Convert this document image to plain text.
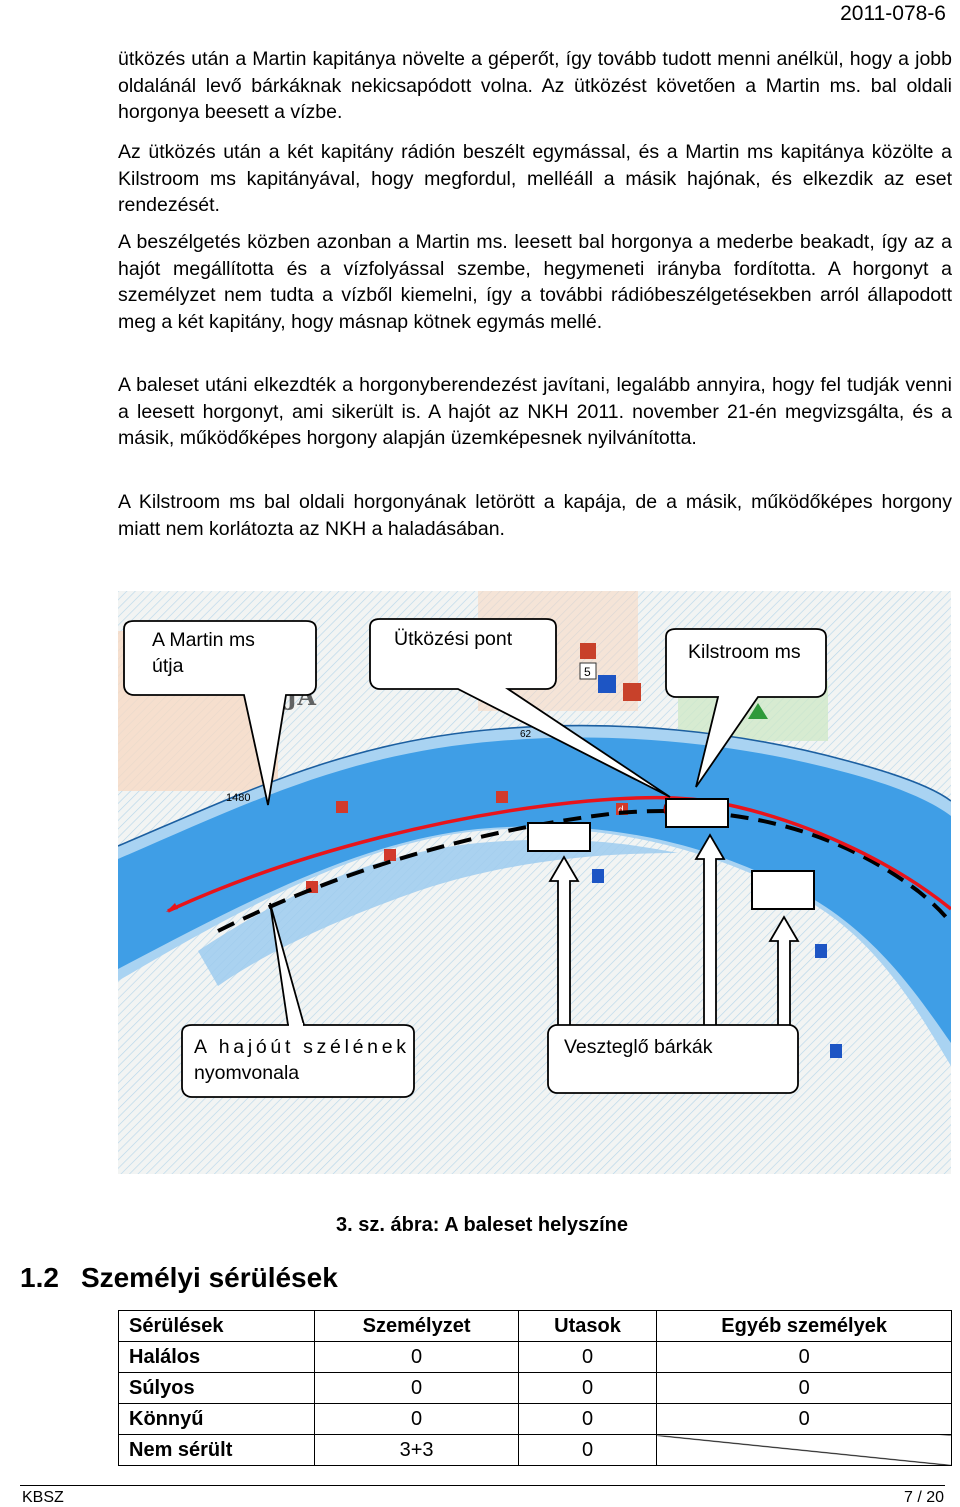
2011-078-6

ütközés után a Martin kapitánya növelte a géperőt, így tovább tudott menni anélkül, hogy a jobb oldalánál levő bárkáknak nekicsapódott volna. Az ütközést követően a Martin ms. bal oldali horgonya beesett a vízbe.

Az ütközés után a két kapitány rádión beszélt egymással, és a Martin ms kapitánya közölte a Kilstroom ms kapitányával, hogy megfordul, melléáll a másik hajónak, és elkezdik az eset rendezését.

A beszélgetés közben azonban a Martin ms. leesett bal horgonya a mederbe beakadt, így az a hajót megállította és a vízfolyással szembe, hegymeneti irányba fordította. A horgonyt a személyzet nem tudta a vízből kiemelni, így a további rádióbeszélgetésekben arról állapodott meg a két kapitány, hogy másnap kötnek egymás mellé.

A baleset utáni elkezdték a horgonyberendezést javítani, legalább annyira, hogy fel tudják venni a leesett horgonyt, ami sikerült is. A hajót az NKH 2011. november 21-én megvizsgálta, és a másik, működőképes horgony alapján üzemképesnek nyilvánította.

A Kilstroom ms bal oldali horgonyának letörött a kapája, de a másik, működőképes horgony miatt nem korlátozta az NKH a haladásában.

JA
1480
62
5
d
A Martin ms
útja
Ütközési pont
Kilstroom ms
A hajóút szélének
nyomvonala
Veszteglő bárkák
3. sz. ábra: A baleset helyszíne
1.2 Személyi sérülések
Sérülések	Személyzet	Utasok	Egyéb személyek
Halálos	0	0	0
Súlyos	0	0	0
Könnyű	0	0	0
Nem sérült	3+3	0	
KBSZ	7 / 20
